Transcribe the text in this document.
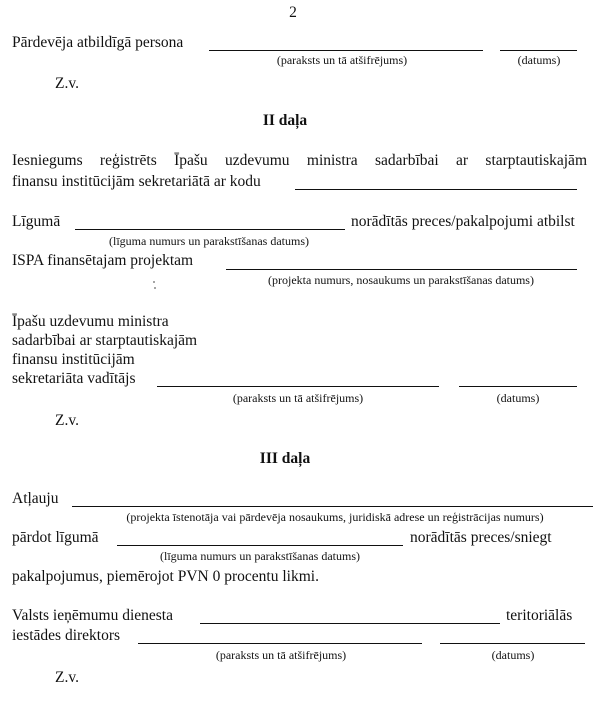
2
Pārdevēja atbildīgā persona
(paraksts un tā atšifrējums)	(datums)
Z.v.
II daļa
Iesniegums reģistrēts Īpašu uzdevumu ministra sadarbībai ar starptautiskajām
finansu institūcijām sekretariātā ar kodu
Līgumā	norādītās preces/pakalpojumi atbilst
(līguma numurs un parakstīšanas datums)
ISPA finansētajam projektam
(projekta numurs, nosaukums un parakstīšanas datums)
Īpašu uzdevumu ministra
sadarbībai ar starptautiskajām
finansu institūcijām
sekretariāta vadītājs
(paraksts un tā atšifrējums)	(datums)
Z.v.
III daļa
Atļauju
(projekta īstenotāja vai pārdevēja nosaukums, juridiskā adrese un reģistrācijas numurs)
pārdot līgumā	norādītās preces/sniegt
(līguma numurs un parakstīšanas datums)
pakalpojumus, piemērojot PVN 0 procentu likmi.
Valsts ieņēmumu dienesta	teritoriālās
iestādes direktors
(paraksts un tā atšifrējums)	(datums)
Z.v.
